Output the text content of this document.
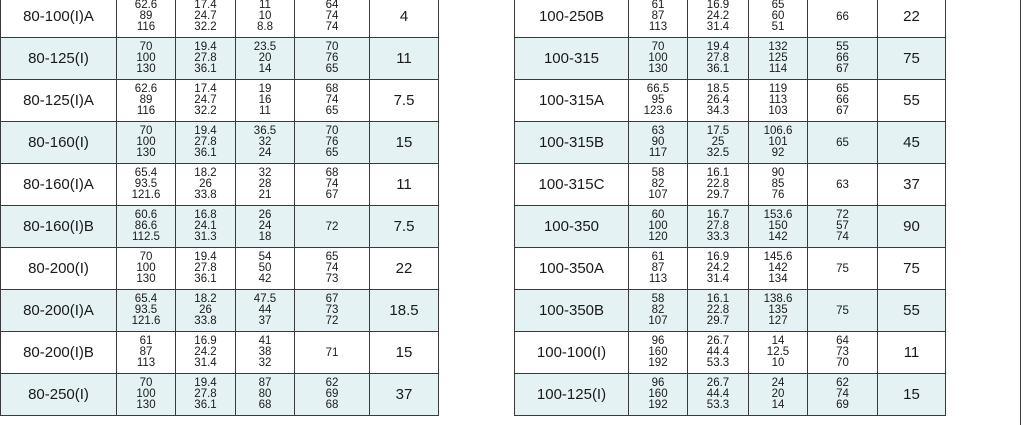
80-100(I)A	62.6
89
116	17.4
24.7
32.2	11
10
8.8	64
74
74	4
80-125(I)	70
100
130	19.4
27.8
36.1	23.5
20
14	70
76
65	11
80-125(I)A	62.6
89
116	17.4
24.7
32.2	19
16
11	68
74
65	7.5
80-160(I)	70
100
130	19.4
27.8
36.1	36.5
32
24	70
76
65	15
80-160(I)A	65.4
93.5
121.6	18.2
26
33.8	32
28
21	68
74
67	11
80-160(I)B	60.6
86.6
112.5	16.8
24.1
31.3	26
24
18	72	7.5
80-200(I)	70
100
130	19.4
27.8
36.1	54
50
42	65
74
73	22
80-200(I)A	65.4
93.5
121.6	18.2
26
33.8	47.5
44
37	67
73
72	18.5
80-200(I)B	61
87
113	16.9
24.2
31.4	41
38
32	71	15
80-250(I)	70
100
130	19.4
27.8
36.1	87
80
68	62
69
68	37
100-250B	61
87
113	16.9
24.2
31.4	65
60
51	66	22
100-315	70
100
130	19.4
27.8
36.1	132
125
114	55
66
67	75
100-315A	66.5
95
123.6	18.5
26.4
34.3	119
113
103	65
66
67	55
100-315B	63
90
117	17.5
25
32.5	106.6
101
92	65	45
100-315C	58
82
107	16.1
22.8
29.7	90
85
76	63	37
100-350	60
100
120	16.7
27.8
33.3	153.6
150
142	72
57
74	90
100-350A	61
87
113	16.9
24.2
31.4	145.6
142
134	75	75
100-350B	58
82
107	16.1
22.8
29.7	138.6
135
127	75	55
100-100(I)	96
160
192	26.7
44.4
53.3	14
12.5
10	64
73
70	11
100-125(I)	96
160
192	26.7
44.4
53.3	24
20
14	62
74
69	15
